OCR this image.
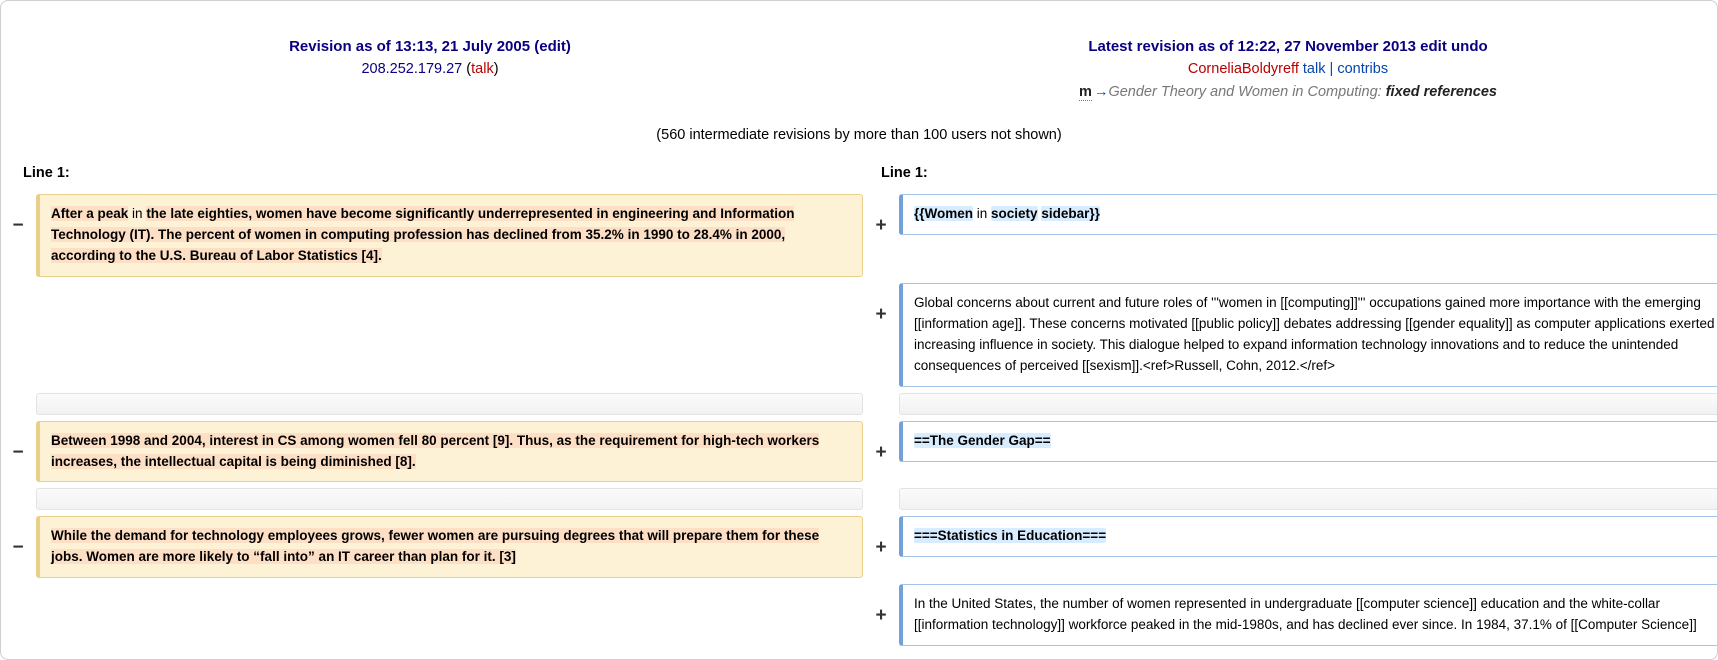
Revision as of 13:13, 21 July 2005 (edit)
208.252.179.27 (talk)
Latest revision as of 12:22, 27 November 2013 edit undo
CorneliaBoldyreff talk | contribs
m →Gender Theory and Women in Computing: fixed references
(560 intermediate revisions by more than 100 users not shown)
Line 1:	Line 1:
−	After a peak in the late eighties, women have become significantly underrepresented in engineering and Information Technology (IT). The percent of women in computing profession has declined from 35.2% in 1990 to 28.4% in 2000, according to the U.S. Bureau of Labor Statistics [4].	+	{{Women in society sidebar}}

		+	Global concerns about current and future roles of '''women in [[computing]]''' occupations gained more importance with the emerging [[information age]]. These concerns motivated [[public policy]] debates addressing [[gender equality]] as computer applications exerted increasing influence in society. This dialogue helped to expand information technology innovations and to reduce the unintended consequences of perceived [[sexism]].<ref>Russell, Cohn, 2012.</ref>

−	Between 1998 and 2004, interest in CS among women fell 80 percent [9]. Thus, as the requirement for high-tech workers increases, the intellectual capital is being diminished [8].	+	==The Gender Gap==

−	While the demand for technology employees grows, fewer women are pursuing degrees that will prepare them for these jobs. Women are more likely to “fall into” an IT career than plan for it. [3]	+	===Statistics in Education===

		+	In the United States, the number of women represented in undergraduate [[computer science]] education and the white-collar [[information technology]] workforce peaked in the mid-1980s, and has declined ever since. In 1984, 37.1% of [[Computer Science]]
